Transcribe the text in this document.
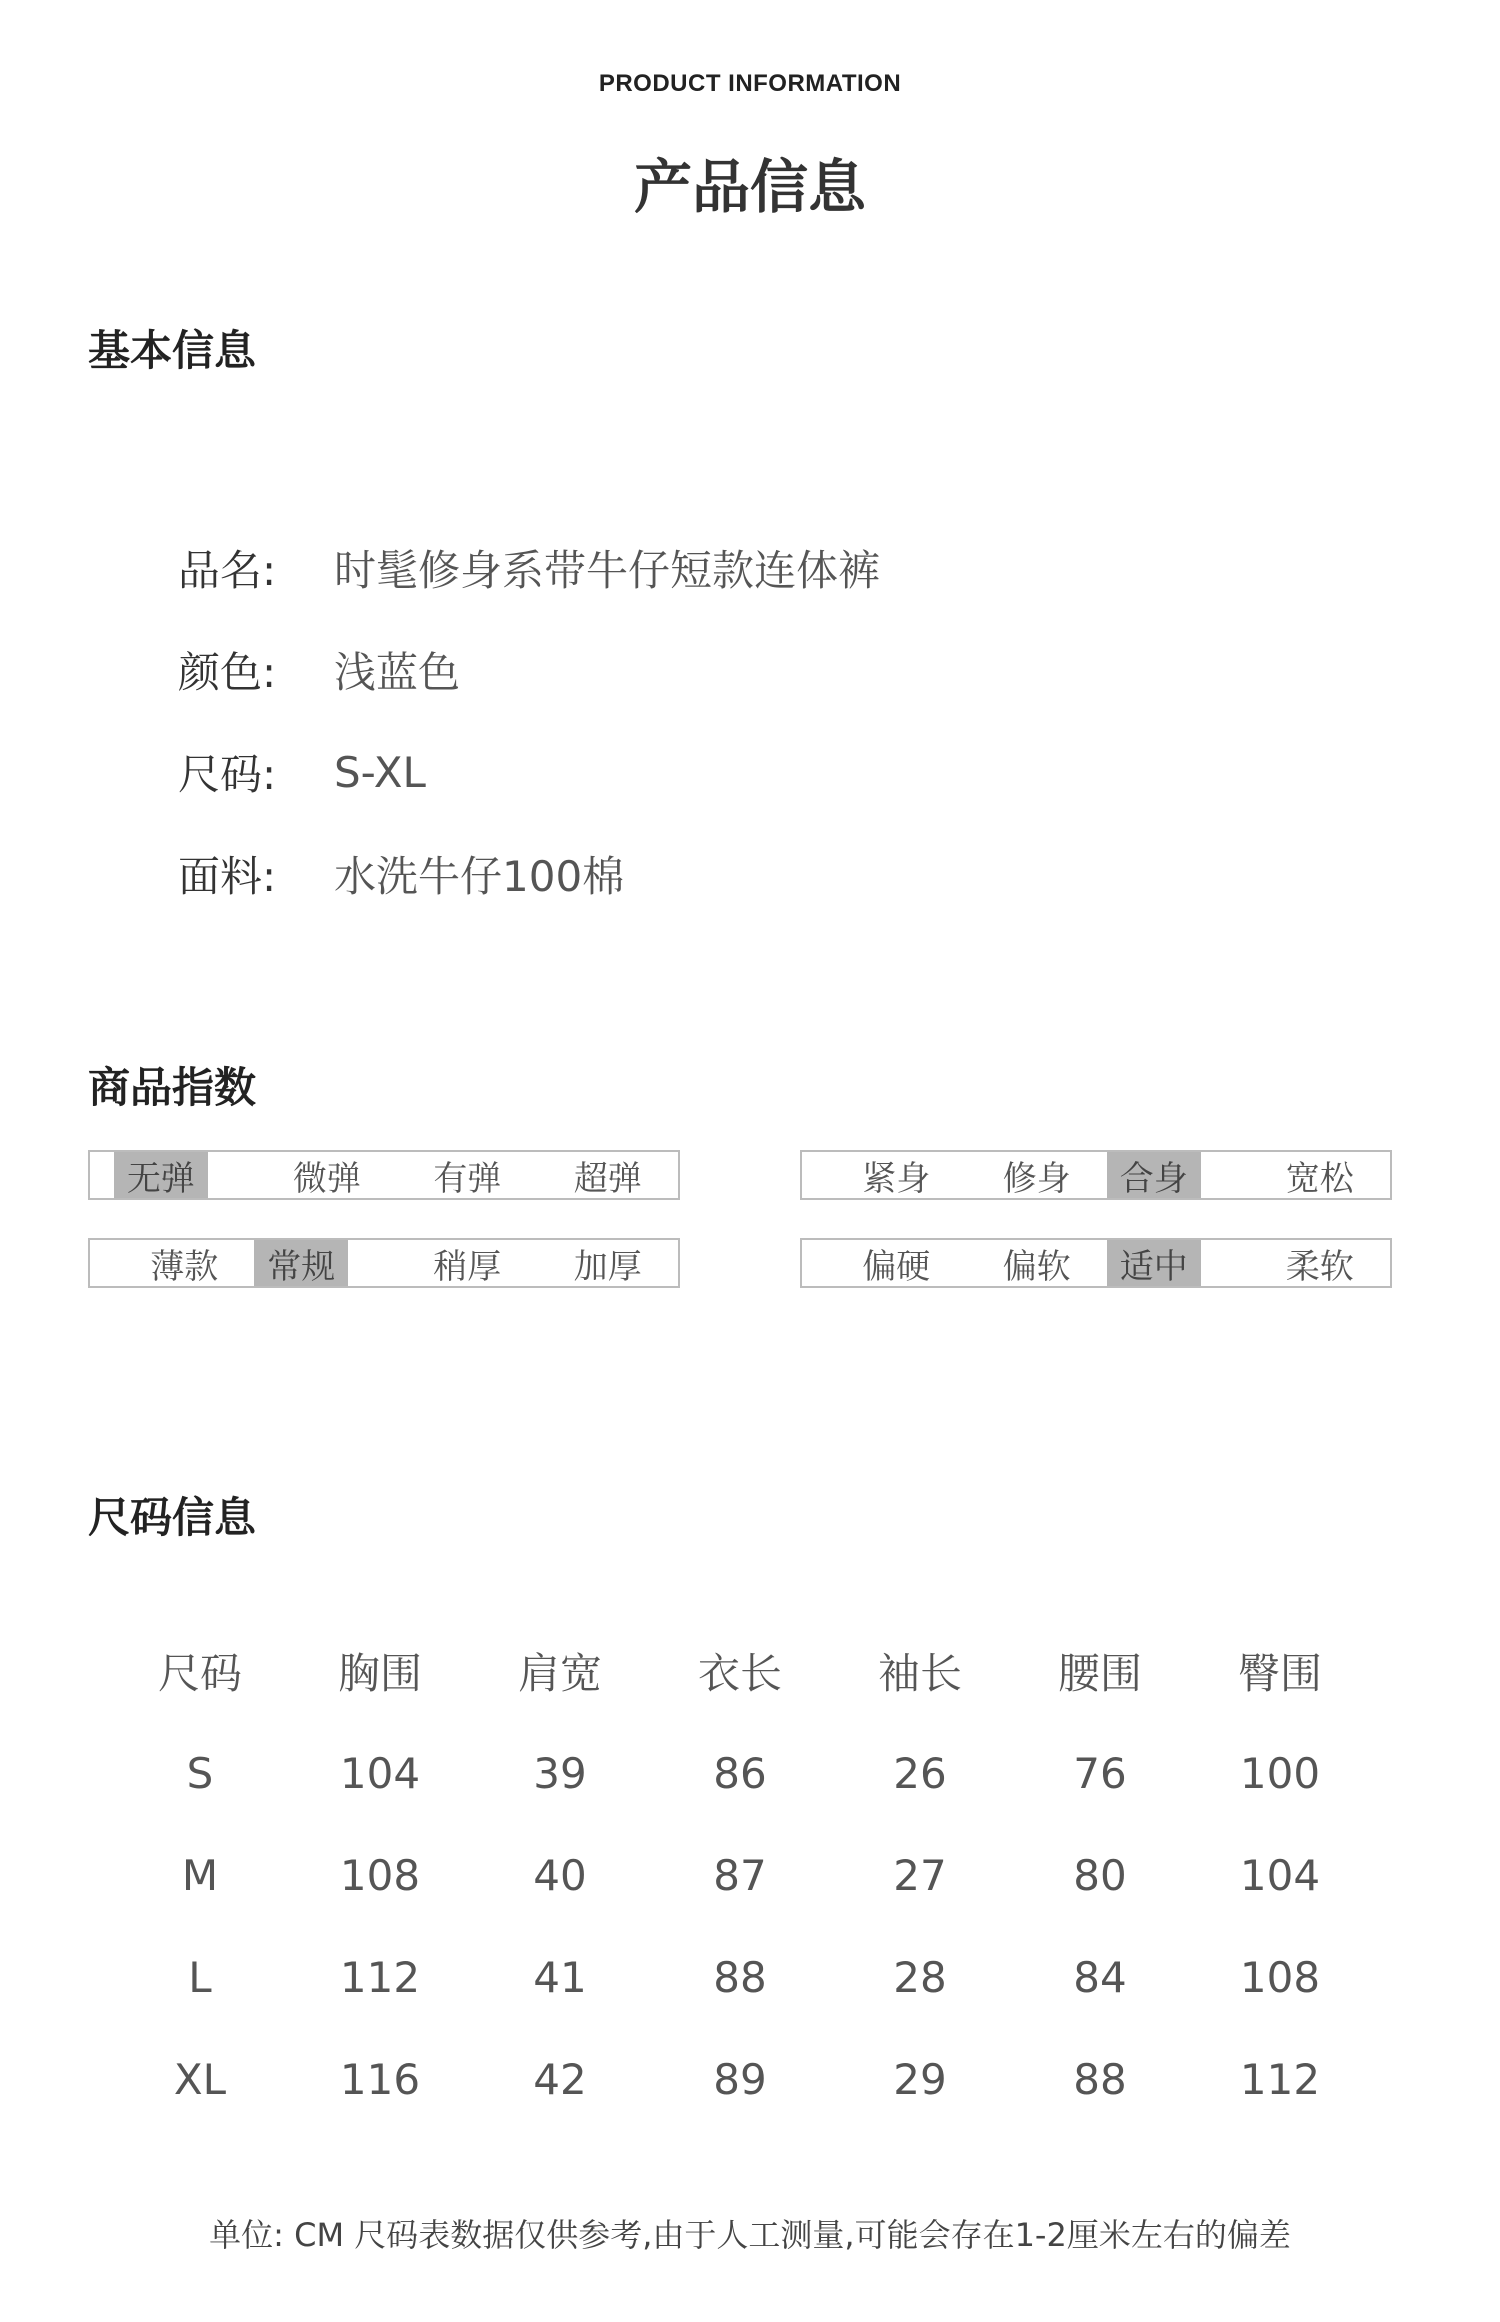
PRODUCT INFORMATION
产品信息
基本信息
品名:	时髦修身系带牛仔短款连体裤
颜色:	浅蓝色
尺码:	S-XL
面料:	水洗牛仔100棉
商品指数
无弹	微弹	有弹	超弹	紧身	修身	合身	宽松
薄款	常规	稍厚	加厚	偏硬	偏软	适中	柔软
尺码信息
尺码	胸围	肩宽	衣长	袖长	腰围	臀围
S	104	39	86	26	76	100
M	108	40	87	27	80	104
L	112	41	88	28	84	108
XL	116	42	89	29	88	112
单位: CM 尺码表数据仅供参考,由于人工测量,可能会存在1-2厘米左右的偏差
